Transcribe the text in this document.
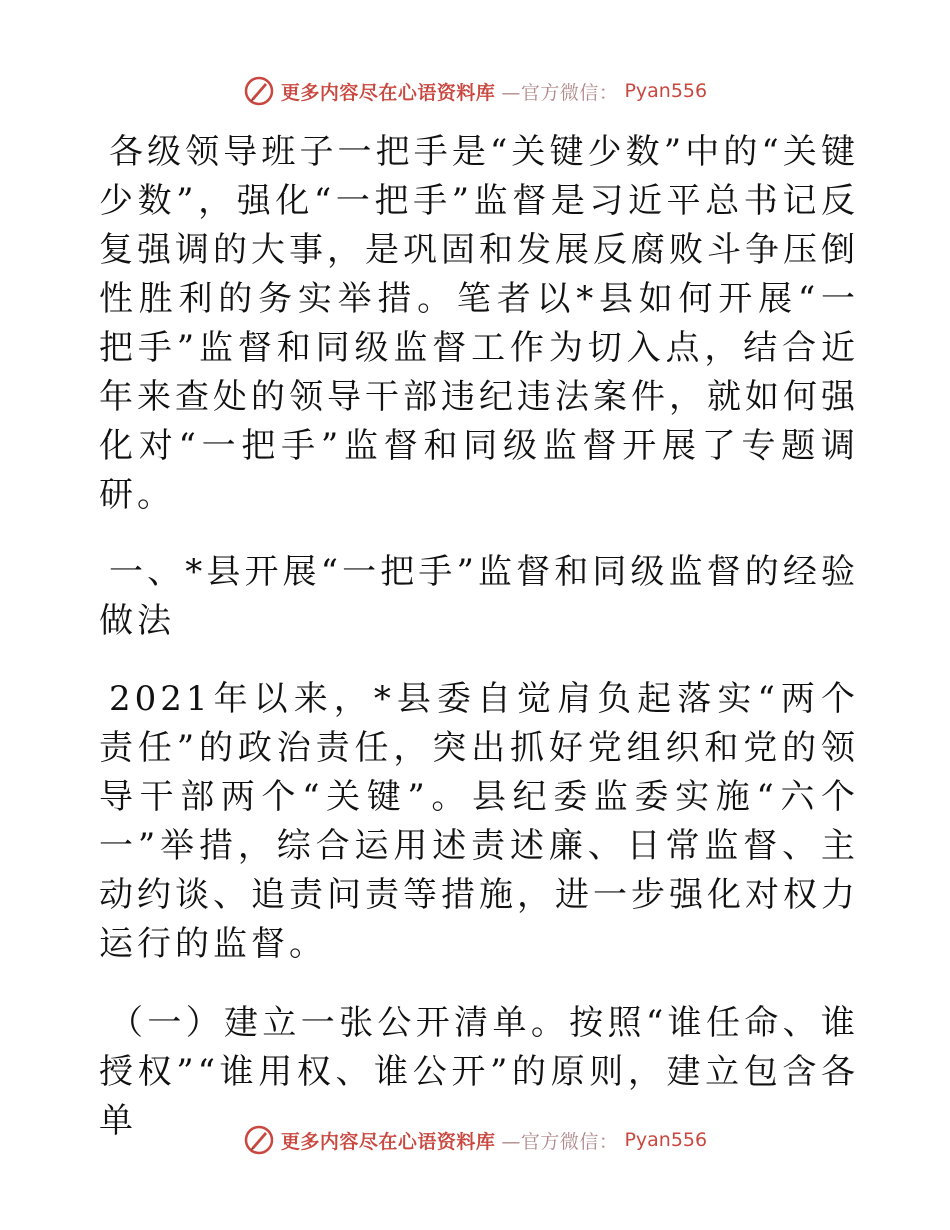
更多内容尽在心语资料库 —官方微信： Pyan556

各级领导班子一把手是“关键少数”中的“关键少数”，强化“一把手”监督是习近平总书记反复强调的大事，是巩固和发展反腐败斗争压倒性胜利的务实举措。笔者以*县如何开展“一把手”监督和同级监督工作为切入点，结合近年来查处的领导干部违纪违法案件，就如何强化对“一把手”监督和同级监督开展了专题调研。

一、*县开展“一把手”监督和同级监督的经验做法

2021年以来，*县委自觉肩负起落实“两个责任”的政治责任，突出抓好党组织和党的领导干部两个“关键”。县纪委监委实施“六个一”举措，综合运用述责述廉、日常监督、主动约谈、追责问责等措施，进一步强化对权力运行的监督。

（一）建立一张公开清单。按照“谁任命、谁授权”“谁用权、谁公开”的原则，建立包含各单

更多内容尽在心语资料库 —官方微信： Pyan556
